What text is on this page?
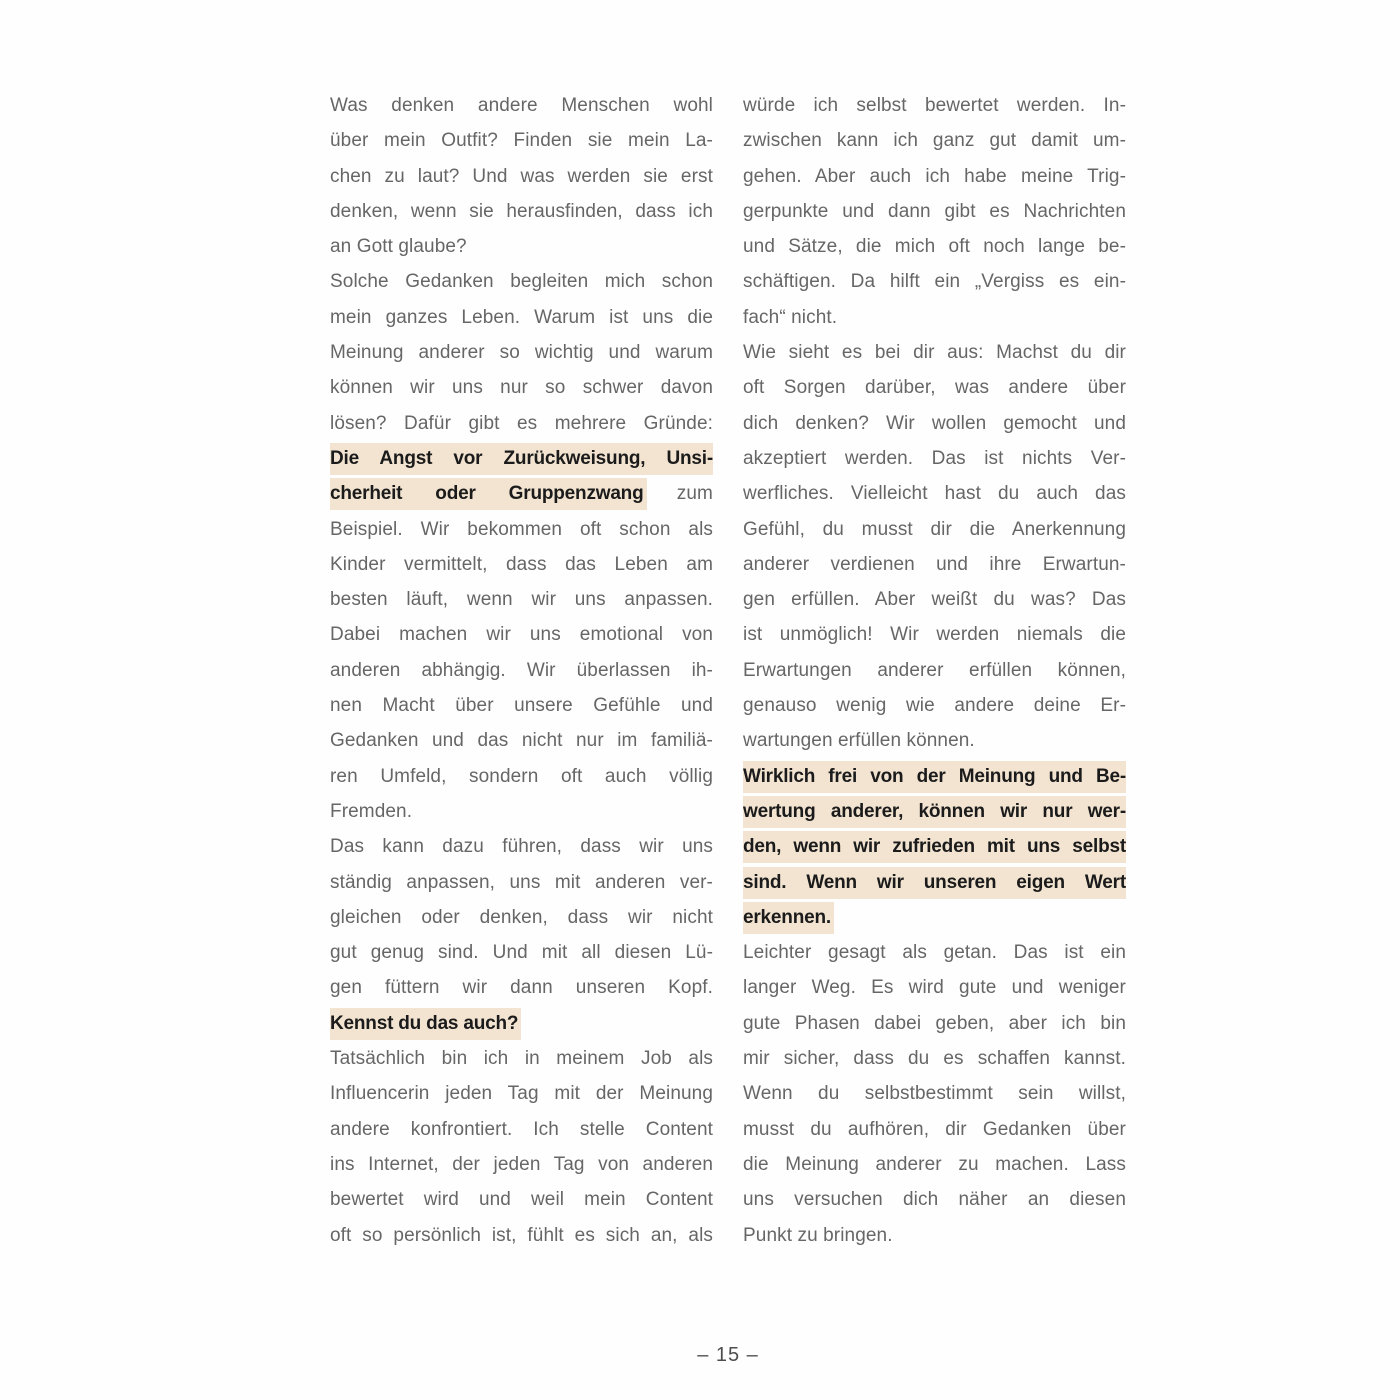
Was denken andere Menschen wohl
über mein Outfit? Finden sie mein La-
chen zu laut? Und was werden sie erst
denken, wenn sie herausfinden, dass ich
an Gott glaube?
Solche Gedanken begleiten mich schon
mein ganzes Leben. Warum ist uns die
Meinung anderer so wichtig und warum
können wir uns nur so schwer davon
lösen? Dafür gibt es mehrere Gründe:
Die Angst vor Zurückweisung, Unsi-
cherheit oder Gruppenzwang zum
Beispiel. Wir bekommen oft schon als
Kinder vermittelt, dass das Leben am
besten läuft, wenn wir uns anpassen.
Dabei machen wir uns emotional von
anderen abhängig. Wir überlassen ih-
nen Macht über unsere Gefühle und
Gedanken und das nicht nur im familiä-
ren Umfeld, sondern oft auch völlig
Fremden.
Das kann dazu führen, dass wir uns
ständig anpassen, uns mit anderen ver-
gleichen oder denken, dass wir nicht
gut genug sind. Und mit all diesen Lü-
gen füttern wir dann unseren Kopf.
Kennst du das auch?
Tatsächlich bin ich in meinem Job als
Influencerin jeden Tag mit der Meinung
andere konfrontiert. Ich stelle Content
ins Internet, der jeden Tag von anderen
bewertet wird und weil mein Content
oft so persönlich ist, fühlt es sich an, als
würde ich selbst bewertet werden. In-
zwischen kann ich ganz gut damit um-
gehen. Aber auch ich habe meine Trig-
gerpunkte und dann gibt es Nachrichten
und Sätze, die mich oft noch lange be-
schäftigen. Da hilft ein „Vergiss es ein-
fach“ nicht.
Wie sieht es bei dir aus: Machst du dir
oft Sorgen darüber, was andere über
dich denken? Wir wollen gemocht und
akzeptiert werden. Das ist nichts Ver-
werfliches. Vielleicht hast du auch das
Gefühl, du musst dir die Anerkennung
anderer verdienen und ihre Erwartun-
gen erfüllen. Aber weißt du was? Das
ist unmöglich! Wir werden niemals die
Erwartungen anderer erfüllen können,
genauso wenig wie andere deine Er-
wartungen erfüllen können.
Wirklich frei von der Meinung und Be-
wertung anderer, können wir nur wer-
den, wenn wir zufrieden mit uns selbst
sind. Wenn wir unseren eigen Wert
erkennen.
Leichter gesagt als getan. Das ist ein
langer Weg. Es wird gute und weniger
gute Phasen dabei geben, aber ich bin
mir sicher, dass du es schaffen kannst.
Wenn du selbstbestimmt sein willst,
musst du aufhören, dir Gedanken über
die Meinung anderer zu machen. Lass
uns versuchen dich näher an diesen
Punkt zu bringen.
– 15 –
